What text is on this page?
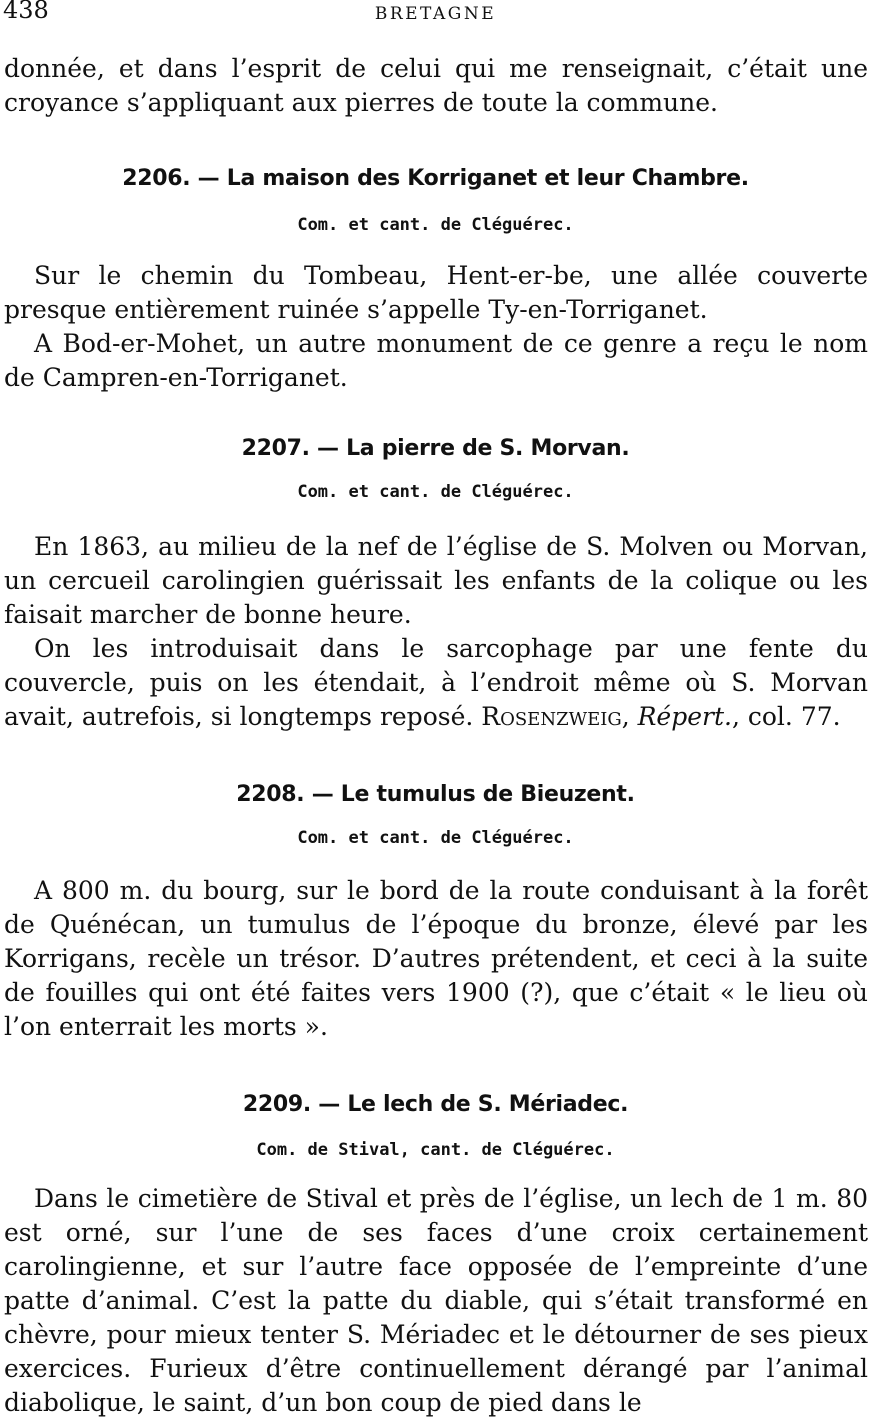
438	BRETAGNE

donnée, et dans l’esprit de celui qui me renseignait, c’était une croyance s’appliquant aux pierres de toute la commune.

2206. — La maison des Korriganet et leur Chambre.
Com. et cant. de Cléguérec.

Sur le chemin du Tombeau, Hent-er-be, une allée couverte presque entièrement ruinée s’appelle Ty-en-Torriganet.

A Bod-er-Mohet, un autre monument de ce genre a reçu le nom de Campren-en-Torriganet.

2207. — La pierre de S. Morvan.
Com. et cant. de Cléguérec.

En 1863, au milieu de la nef de l’église de S. Molven ou Morvan, un cercueil carolingien guérissait les enfants de la colique ou les faisait marcher de bonne heure.

On les introduisait dans le sarcophage par une fente du couvercle, puis on les étendait, à l’endroit même où S. Morvan avait, autrefois, si longtemps reposé. Rosenzweig, Répert., col. 77.

2208. — Le tumulus de Bieuzent.
Com. et cant. de Cléguérec.

A 800 m. du bourg, sur le bord de la route conduisant à la forêt de Quénécan, un tumulus de l’époque du bronze, élevé par les Korrigans, recèle un trésor. D’autres prétendent, et ceci à la suite de fouilles qui ont été faites vers 1900 (?), que c’était « le lieu où l’on enterrait les morts ».

2209. — Le lech de S. Mériadec.
Com. de Stival, cant. de Cléguérec.

Dans le cimetière de Stival et près de l’église, un lech de 1 m. 80 est orné, sur l’une de ses faces d’une croix certainement carolingienne, et sur l’autre face opposée de l’empreinte d’une patte d’animal. C’est la patte du diable, qui s’était transformé en chèvre, pour mieux tenter S. Mériadec et le détourner de ses pieux exercices. Furieux d’être continuellement dérangé par l’animal diabolique, le saint, d’un bon coup de pied dans le
